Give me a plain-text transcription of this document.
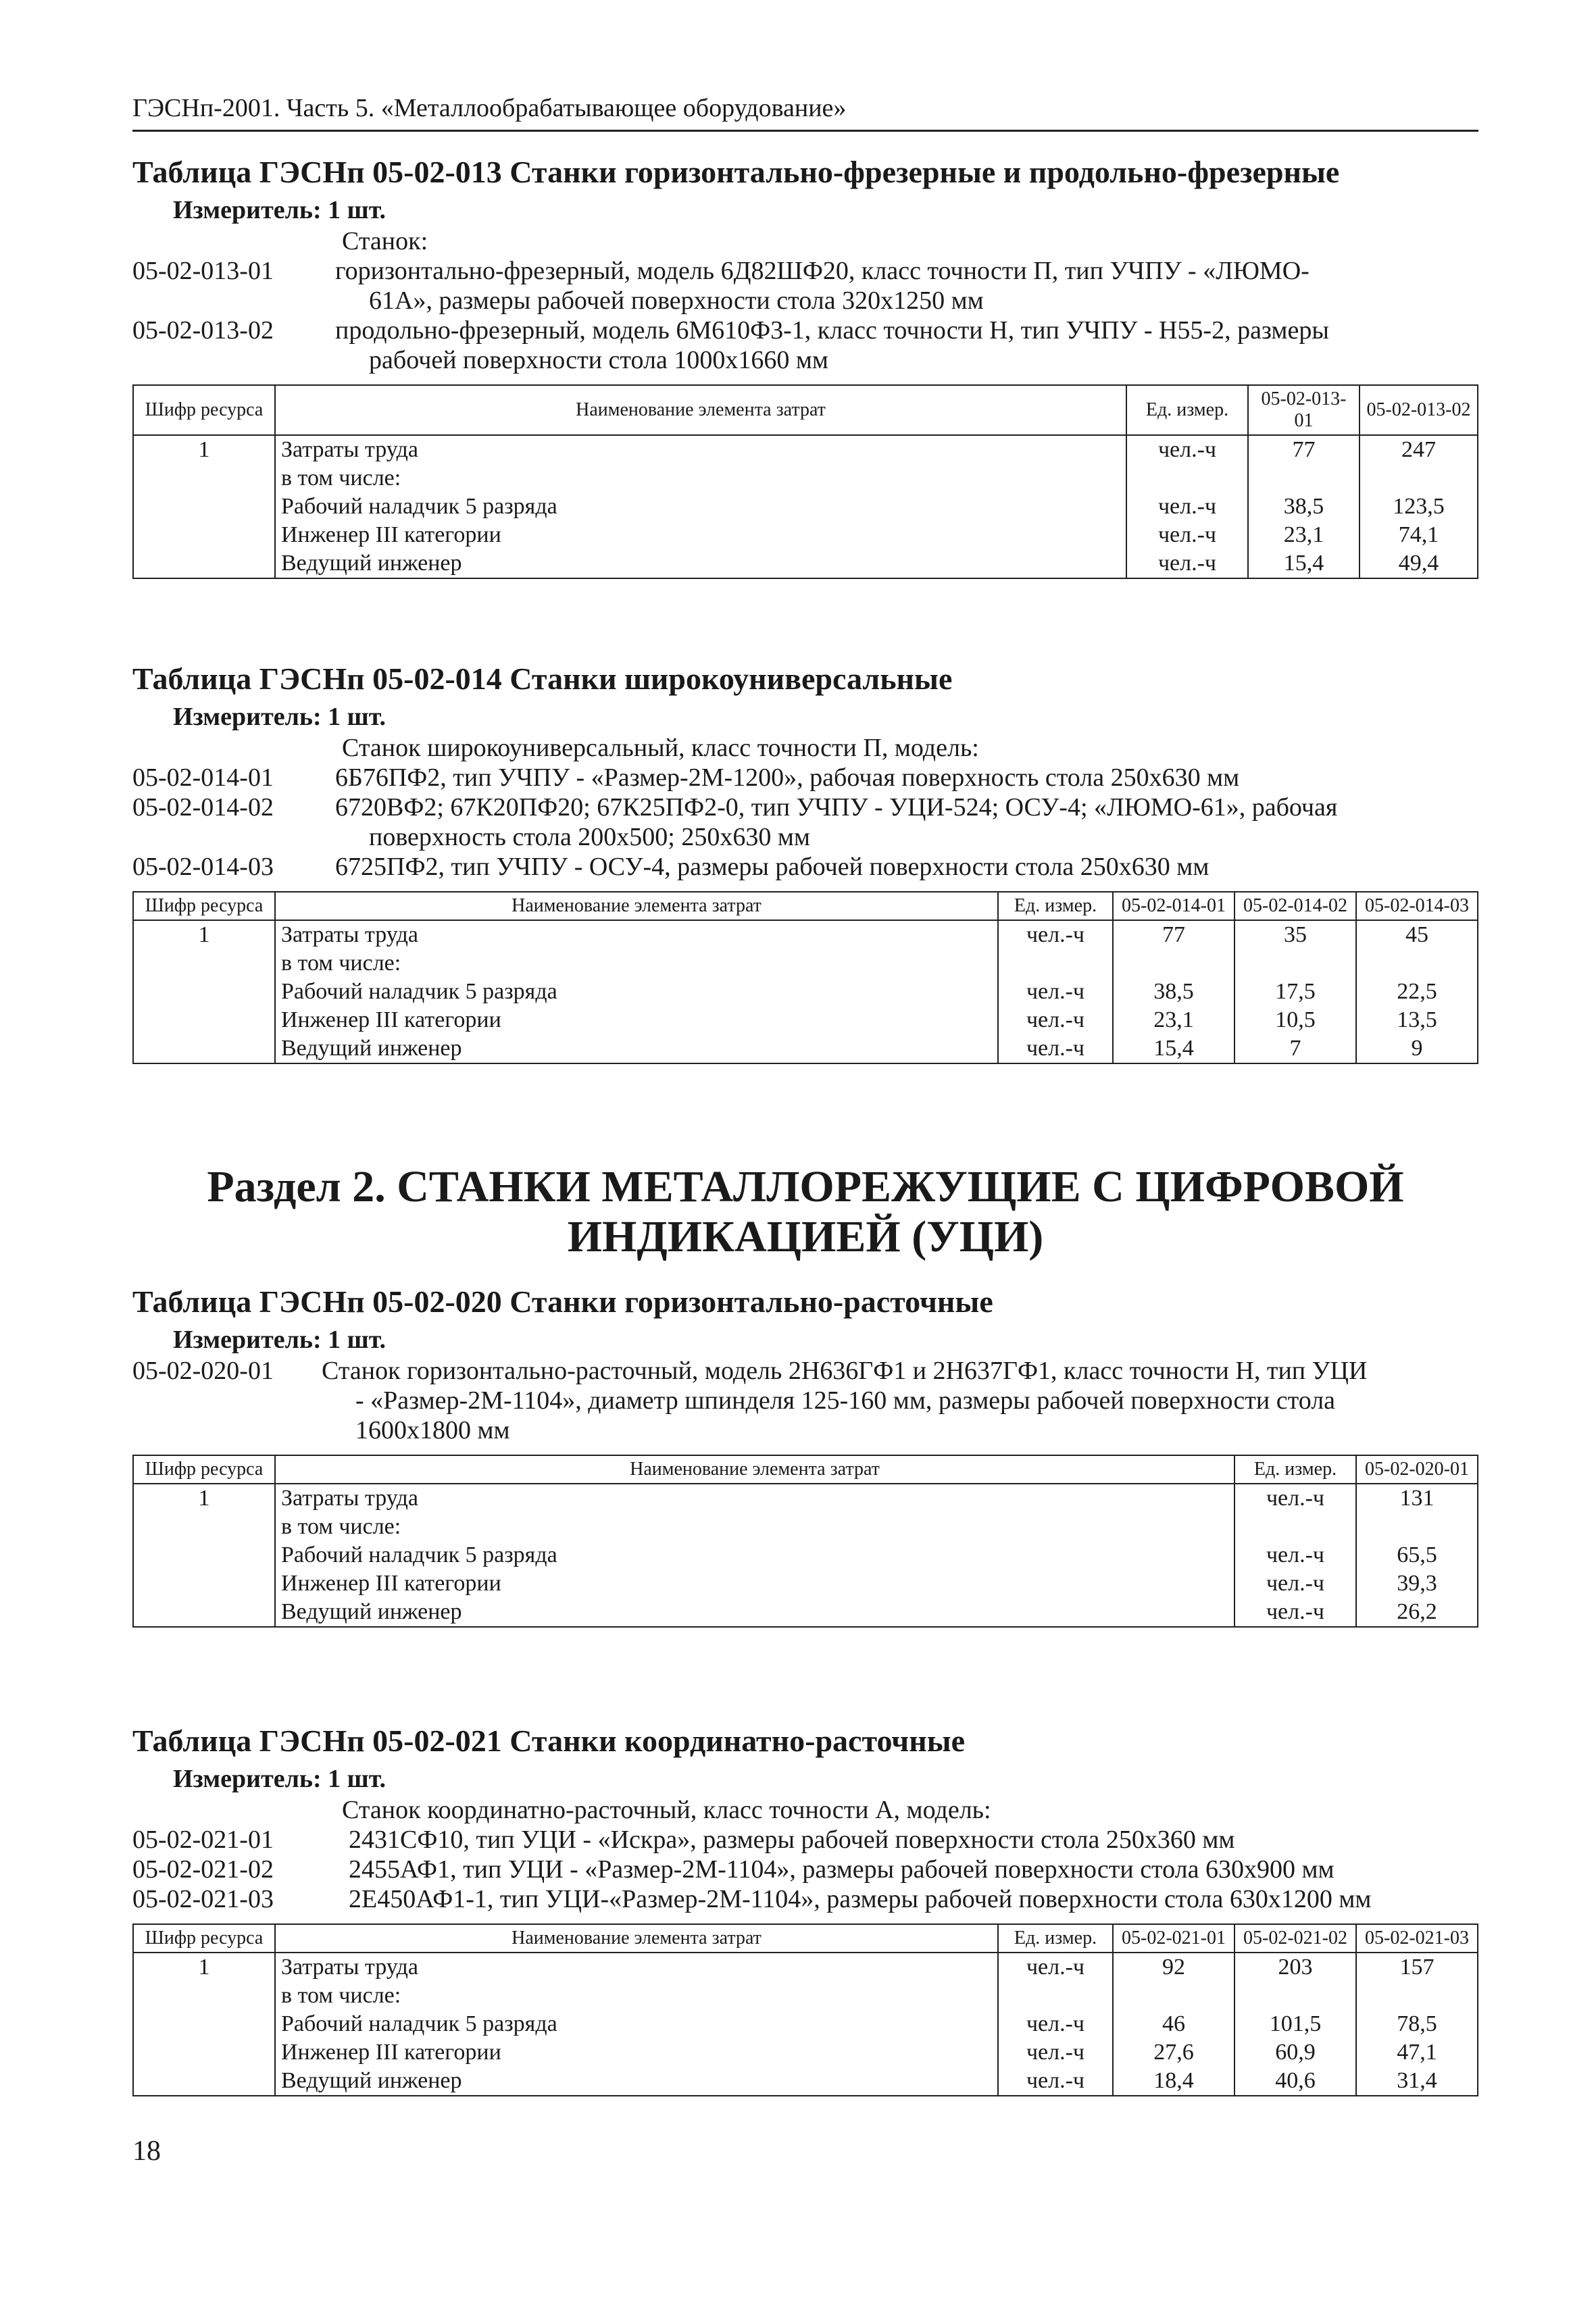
ГЭСНп-2001. Часть 5. «Металлообрабатывающее оборудование»
Таблица ГЭСНп 05-02-013 Станки горизонтально-фрезерные и продольно-фрезерные
Измеритель: 1 шт.
Станок:
05-02-013-01	горизонтально-фрезерный, модель 6Д82ШФ20, класс точности П, тип УЧПУ - «ЛЮМО-
61А», размеры рабочей поверхности стола 320х1250 мм
05-02-013-02	продольно-фрезерный, модель 6М610Ф3-1, класс точности Н, тип УЧПУ - Н55-2, размеры
рабочей поверхности стола 1000х1660 мм
Шифр ресурса	Наименование элемента затрат	Ед. измер.	05-02-013-01	05-02-013-02
1	Затраты труда	чел.-ч	77	247
	в том числе:			
	Рабочий наладчик 5 разряда	чел.-ч	38,5	123,5
	Инженер III категории	чел.-ч	23,1	74,1
	Ведущий инженер	чел.-ч	15,4	49,4
Таблица ГЭСНп 05-02-014 Станки широкоуниверсальные
Измеритель: 1 шт.
Станок широкоуниверсальный, класс точности П, модель:
05-02-014-01	6Б76ПФ2, тип УЧПУ - «Размер-2М-1200», рабочая поверхность стола 250х630 мм
05-02-014-02	6720ВФ2; 67К20ПФ20; 67К25ПФ2-0, тип УЧПУ - УЦИ-524; ОСУ-4; «ЛЮМО-61», рабочая
поверхность стола 200х500; 250х630 мм
05-02-014-03	6725ПФ2, тип УЧПУ - ОСУ-4, размеры рабочей поверхности стола 250х630 мм
Шифр ресурса	Наименование элемента затрат	Ед. измер.	05-02-014-01	05-02-014-02	05-02-014-03
1	Затраты труда	чел.-ч	77	35	45
	в том числе:				
	Рабочий наладчик 5 разряда	чел.-ч	38,5	17,5	22,5
	Инженер III категории	чел.-ч	23,1	10,5	13,5
	Ведущий инженер	чел.-ч	15,4	7	9
Раздел 2. СТАНКИ МЕТАЛЛОРЕЖУЩИЕ С ЦИФРОВОЙ
ИНДИКАЦИЕЙ (УЦИ)
Таблица ГЭСНп 05-02-020 Станки горизонтально-расточные
Измеритель: 1 шт.
05-02-020-01	Станок горизонтально-расточный, модель 2Н636ГФ1 и 2Н637ГФ1, класс точности Н, тип УЦИ
- «Размер-2М-1104», диаметр шпинделя 125-160 мм, размеры рабочей поверхности стола
1600х1800 мм
Шифр ресурса	Наименование элемента затрат	Ед. измер.	05-02-020-01
1	Затраты труда	чел.-ч	131
	в том числе:		
	Рабочий наладчик 5 разряда	чел.-ч	65,5
	Инженер III категории	чел.-ч	39,3
	Ведущий инженер	чел.-ч	26,2
Таблица ГЭСНп 05-02-021 Станки координатно-расточные
Измеритель: 1 шт.
Станок координатно-расточный, класс точности А, модель:
05-02-021-01	2431СФ10, тип УЦИ - «Искра», размеры рабочей поверхности стола 250х360 мм
05-02-021-02	2455АФ1, тип УЦИ - «Размер-2М-1104», размеры рабочей поверхности стола 630х900 мм
05-02-021-03	2Е450АФ1-1, тип УЦИ-«Размер-2М-1104», размеры рабочей поверхности стола 630х1200 мм
Шифр ресурса	Наименование элемента затрат	Ед. измер.	05-02-021-01	05-02-021-02	05-02-021-03
1	Затраты труда	чел.-ч	92	203	157
	в том числе:				
	Рабочий наладчик 5 разряда	чел.-ч	46	101,5	78,5
	Инженер III категории	чел.-ч	27,6	60,9	47,1
	Ведущий инженер	чел.-ч	18,4	40,6	31,4
18
